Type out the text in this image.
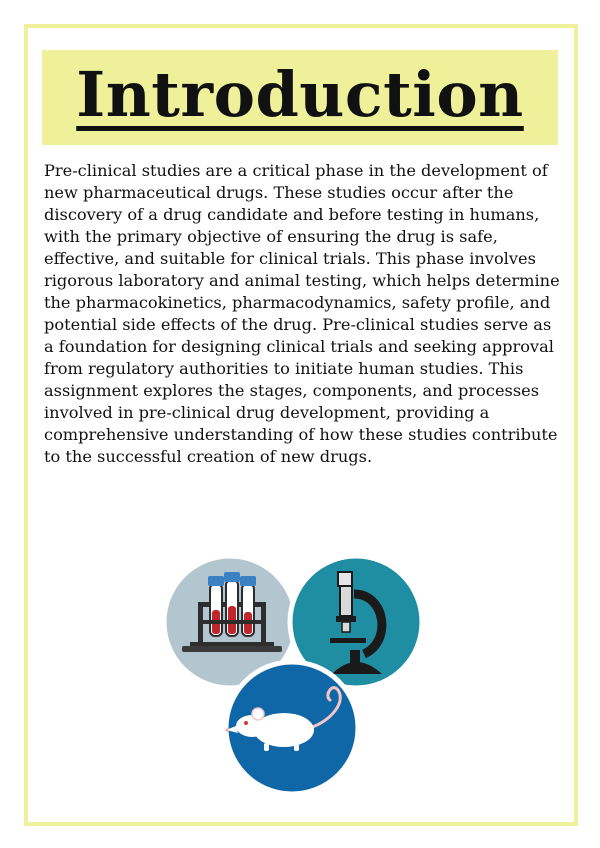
Introduction

Pre-clinical studies are a critical phase in the development of new pharmaceutical drugs. These studies occur after the discovery of a drug candidate and before testing in humans, with the primary objective of ensuring the drug is safe, effective, and suitable for clinical trials. This phase involves rigorous laboratory and animal testing, which helps determine the pharmacokinetics, pharmacodynamics, safety profile, and potential side effects of the drug. Pre-clinical studies serve as a foundation for designing clinical trials and seeking approval from regulatory authorities to initiate human studies. This assignment explores the stages, components, and processes involved in pre-clinical drug development, providing a comprehensive understanding of how these studies contribute to the successful creation of new drugs.
